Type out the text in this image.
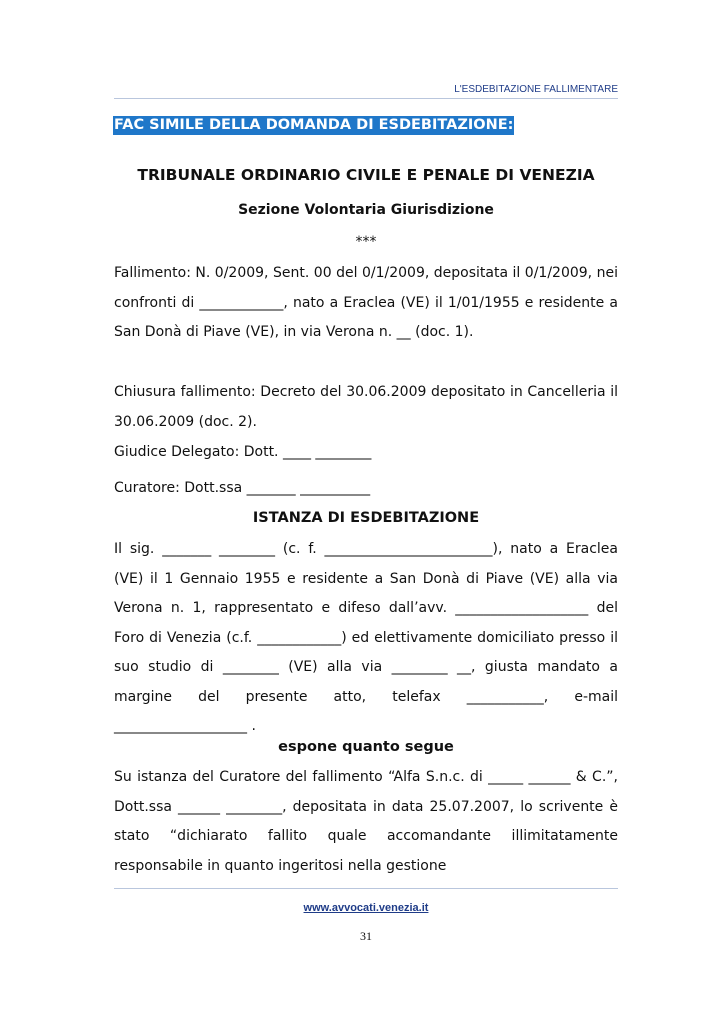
L'ESDEBITAZIONE FALLIMENTARE
FAC SIMILE DELLA DOMANDA DI ESDEBITAZIONE:
TRIBUNALE ORDINARIO CIVILE E PENALE DI VENEZIA
Sezione Volontaria Giurisdizione
***

Fallimento: N. 0/2009, Sent. 00 del 0/1/2009, depositata il 0/1/2009, nei confronti di ____________, nato a Eraclea (VE) il 1/01/1955 e residente a San Donà di Piave (VE), in via Verona n. __ (doc. 1).

Chiusura fallimento: Decreto del 30.06.2009 depositato in Cancelleria il 30.06.2009 (doc. 2).

Giudice Delegato: Dott. ____ ________

Curatore: Dott.ssa _______ __________

ISTANZA DI ESDEBITAZIONE

Il sig. _______ ________ (c. f. ________________________), nato a Eraclea (VE) il 1 Gennaio 1955 e residente a San Donà di Piave (VE) alla via Verona n. 1, rappresentato e difeso dall’avv. ___________________ del Foro di Venezia (c.f. ____________) ed elettivamente domiciliato presso il suo studio di ________ (VE) alla via ________ __, giusta mandato a margine del presente atto, telefax ___________, e-mail ___________________ .

espone quanto segue

Su istanza del Curatore del fallimento “Alfa S.n.c. di _____ ______ & C.”, Dott.ssa ______ ________, depositata in data 25.07.2007, lo scrivente è stato “dichiarato fallito quale accomandante illimitatamente responsabile in quanto ingeritosi nella gestione

www.avvocati.venezia.it
31
